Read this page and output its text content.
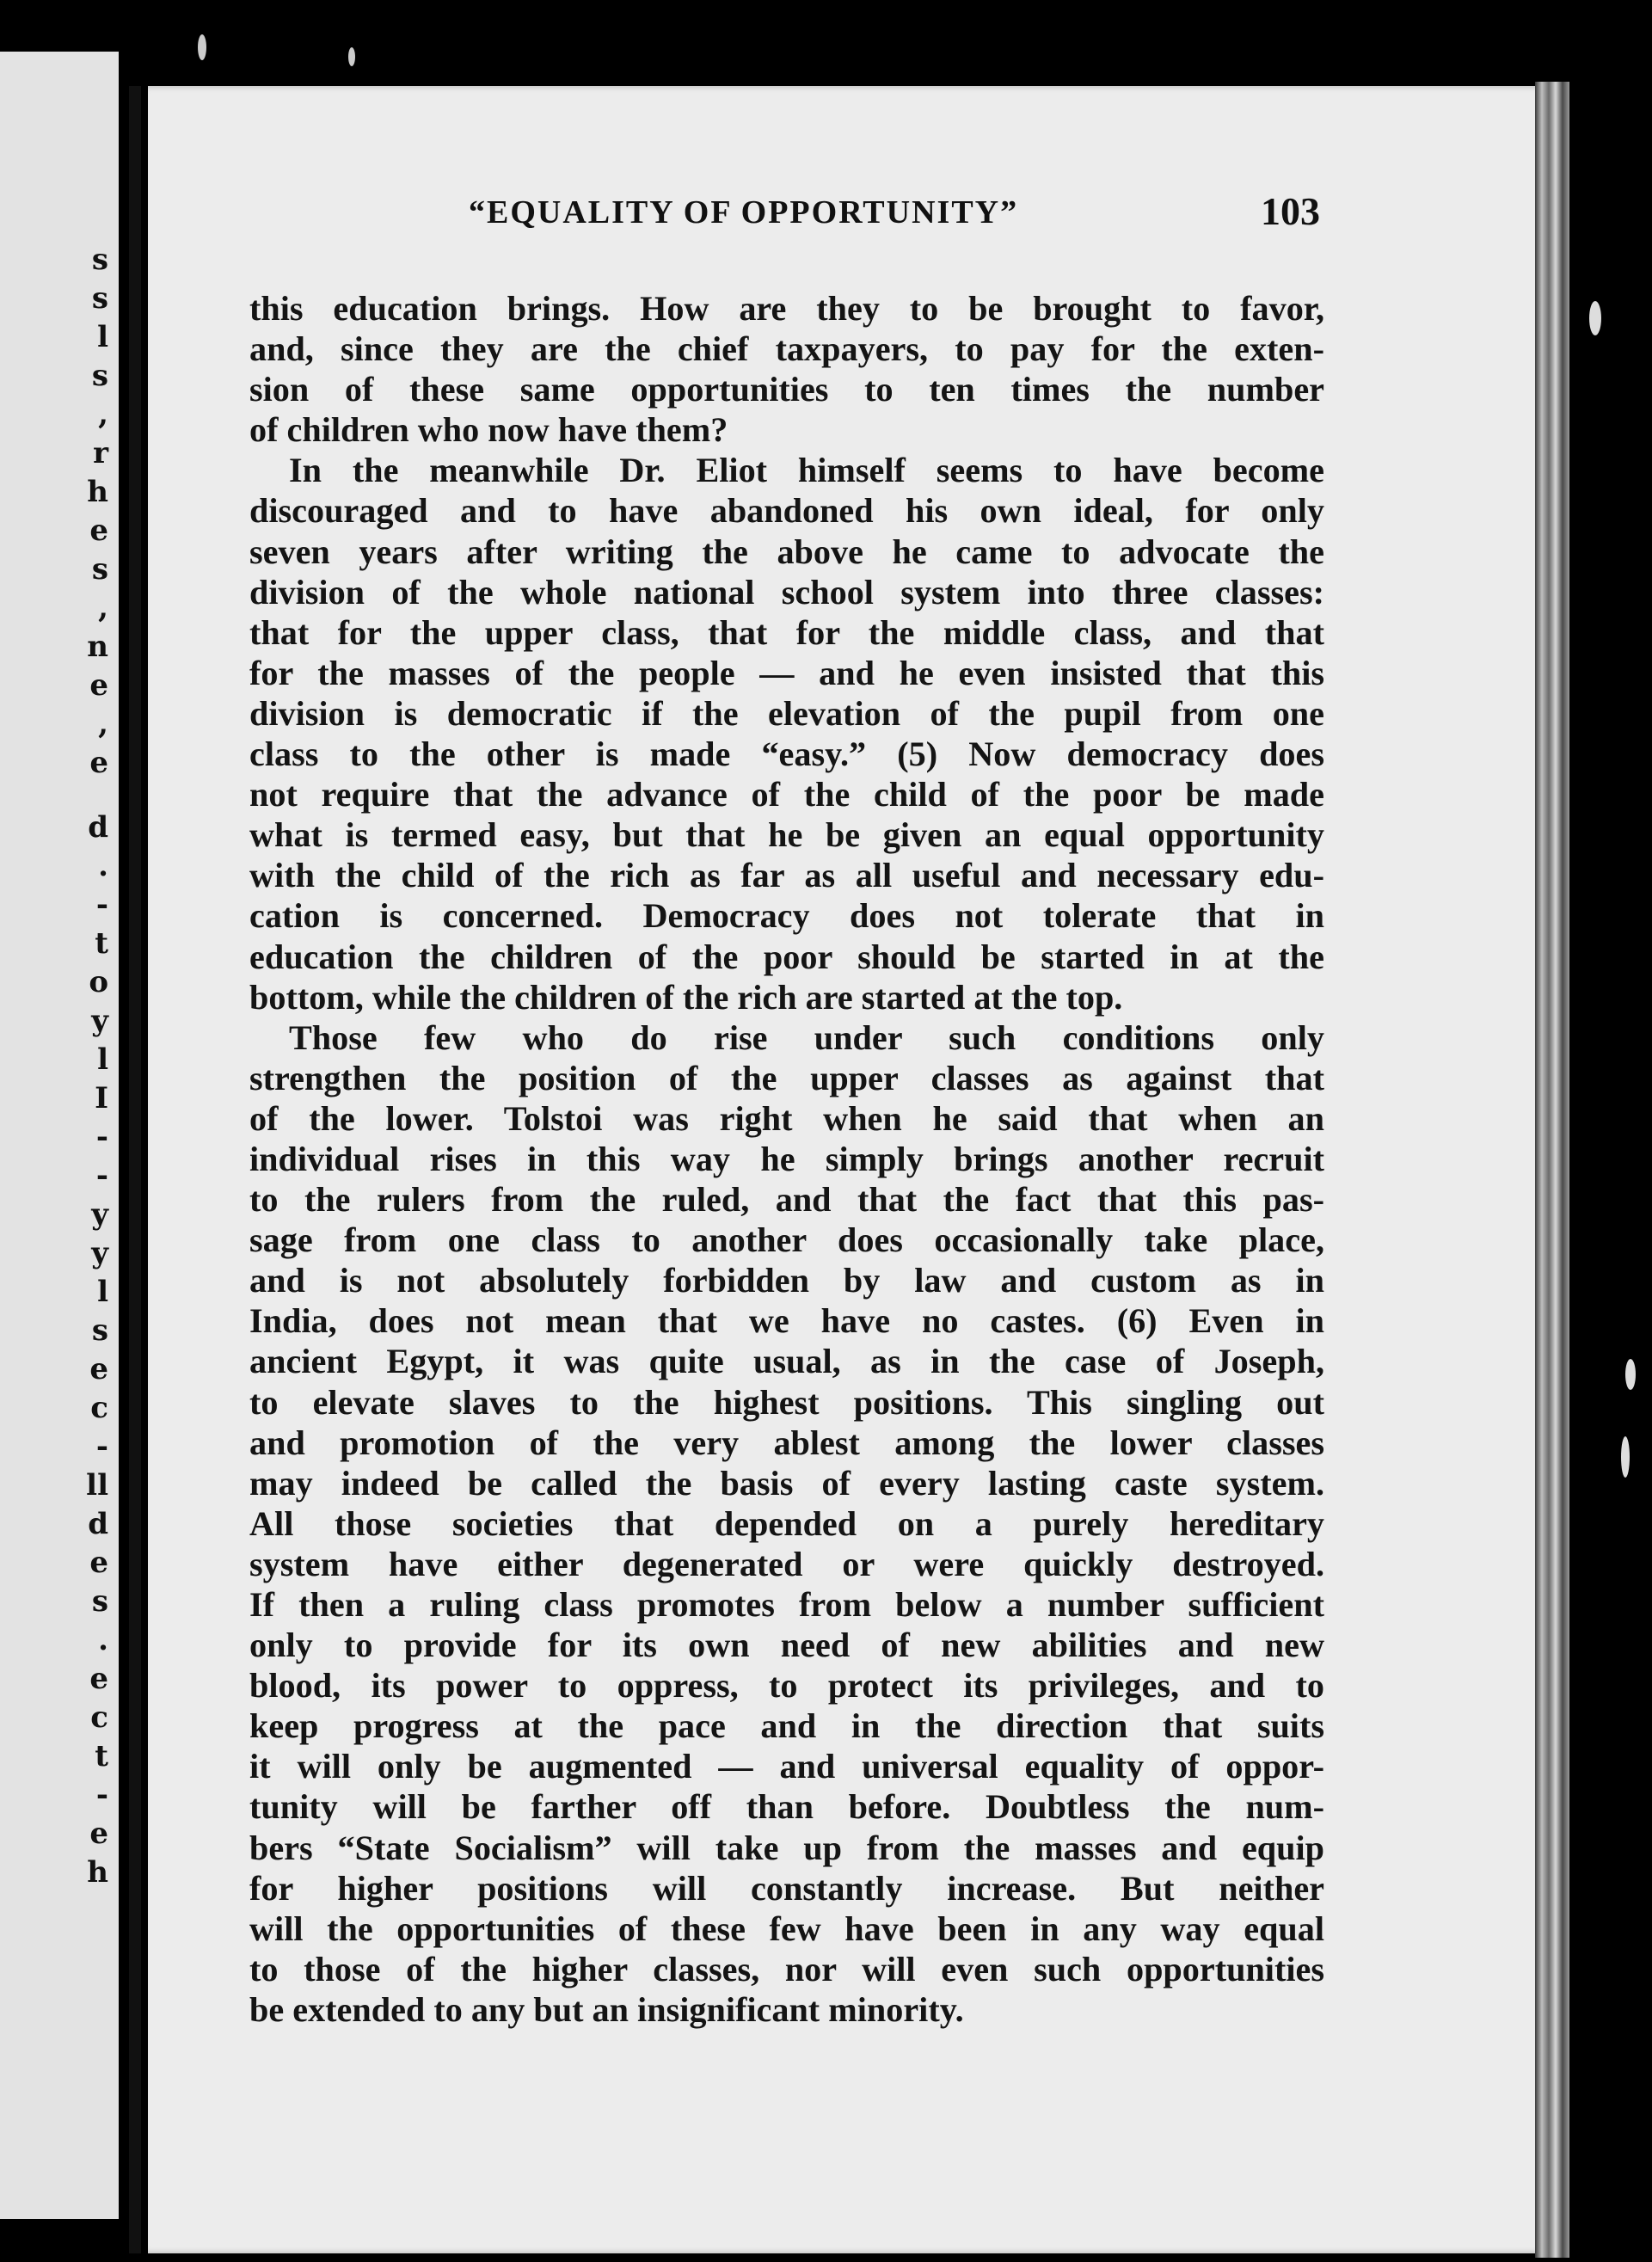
s
s
l
s
,
r
h
e
s
,
n
e
,
e
d
.
-
t
o
y
l
I
-
-
y
y
l
s
e
c
-
ll
d
e
s
.
e
c
t
-
e
h
“EQUALITY OF OPPORTUNITY”	103
this education brings. How are they to be brought to favor,
and, since they are the chief taxpayers, to pay for the exten-
sion of these same opportunities to ten times the number
of children who now have them?
In the meanwhile Dr. Eliot himself seems to have become
discouraged and to have abandoned his own ideal, for only
seven years after writing the above he came to advocate the
division of the whole national school system into three classes:
that for the upper class, that for the middle class, and that
for the masses of the people — and he even insisted that this
division is democratic if the elevation of the pupil from one
class to the other is made “easy.” (5) Now democracy does
not require that the advance of the child of the poor be made
what is termed easy, but that he be given an equal opportunity
with the child of the rich as far as all useful and necessary edu-
cation is concerned. Democracy does not tolerate that in
education the children of the poor should be started in at the
bottom, while the children of the rich are started at the top.
Those few who do rise under such conditions only
strengthen the position of the upper classes as against that
of the lower. Tolstoi was right when he said that when an
individual rises in this way he simply brings another recruit
to the rulers from the ruled, and that the fact that this pas-
sage from one class to another does occasionally take place,
and is not absolutely forbidden by law and custom as in
India, does not mean that we have no castes. (6) Even in
ancient Egypt, it was quite usual, as in the case of Joseph,
to elevate slaves to the highest positions. This singling out
and promotion of the very ablest among the lower classes
may indeed be called the basis of every lasting caste system.
All those societies that depended on a purely hereditary
system have either degenerated or were quickly destroyed.
If then a ruling class promotes from below a number sufficient
only to provide for its own need of new abilities and new
blood, its power to oppress, to protect its privileges, and to
keep progress at the pace and in the direction that suits
it will only be augmented — and universal equality of oppor-
tunity will be farther off than before. Doubtless the num-
bers “State Socialism” will take up from the masses and equip
for higher positions will constantly increase. But neither
will the opportunities of these few have been in any way equal
to those of the higher classes, nor will even such opportunities
be extended to any but an insignificant minority.
